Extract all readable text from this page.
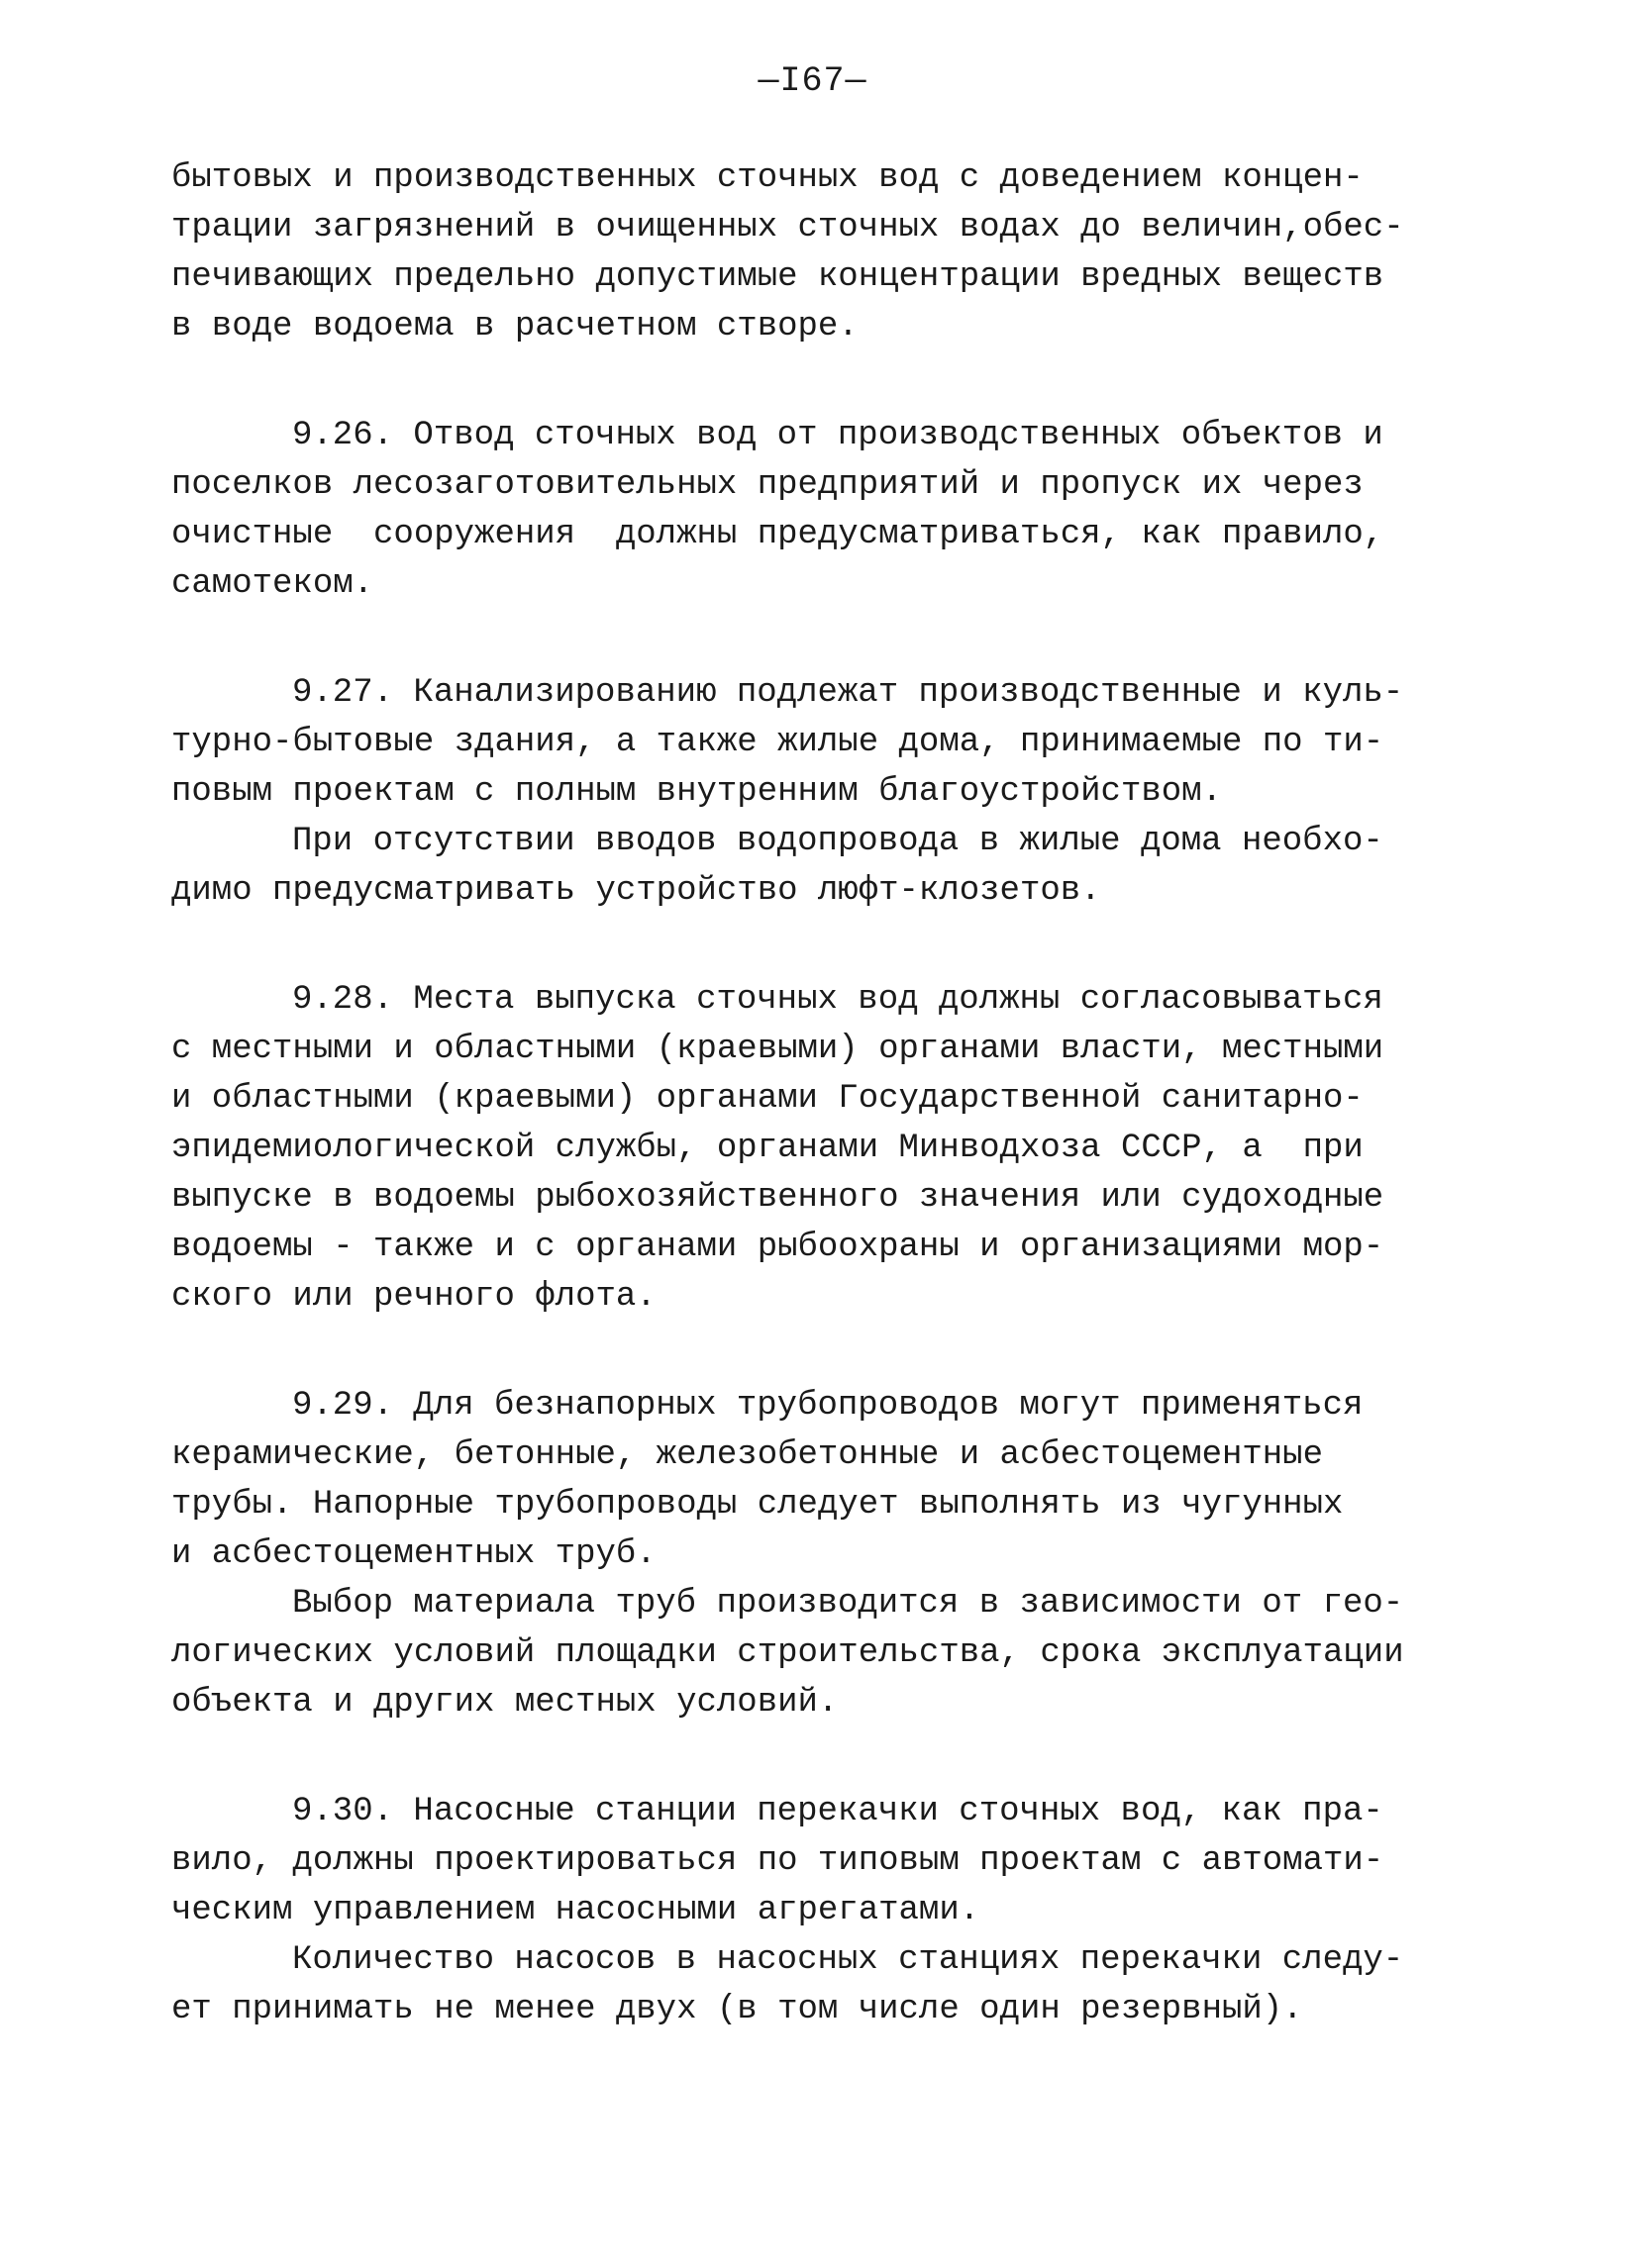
—I67—
бытовых и производственных сточных вод с доведением концен-
трации загрязнений в очищенных сточных водах до величин,обес-
печивающих предельно допустимые концентрации вредных веществ
в воде водоема в расчетном створе.
9.26. Отвод сточных вод от производственных объектов и
поселков лесозаготовительных предприятий и пропуск их через
очистные  сооружения  должны предусматриваться, как правило,
самотеком.
9.27. Канализированию подлежат производственные и куль-
турно-бытовые здания, а также жилые дома, принимаемые по ти-
повым проектам с полным внутренним благоустройством.
При отсутствии вводов водопровода в жилые дома необхо-
димо предусматривать устройство люфт-клозетов.
9.28. Места выпуска сточных вод должны согласовываться
с местными и областными (краевыми) органами власти, местными
и областными (краевыми) органами Государственной санитарно-
эпидемиологической службы, органами Минводхоза СССР, а  при
выпуске в водоемы рыбохозяйственного значения или судоходные
водоемы - также и с органами рыбоохраны и организациями мор-
ского или речного флота.
9.29. Для безнапорных трубопроводов могут применяться
керамические, бетонные, железобетонные и асбестоцементные
трубы. Напорные трубопроводы следует выполнять из чугунных
и асбестоцементных труб.
Выбор материала труб производится в зависимости от гео-
логических условий площадки строительства, срока эксплуатации
объекта и других местных условий.
9.30. Насосные станции перекачки сточных вод, как пра-
вило, должны проектироваться по типовым проектам с автомати-
ческим управлением насосными агрегатами.
Количество насосов в насосных станциях перекачки следу-
ет принимать не менее двух (в том числе один резервный).
